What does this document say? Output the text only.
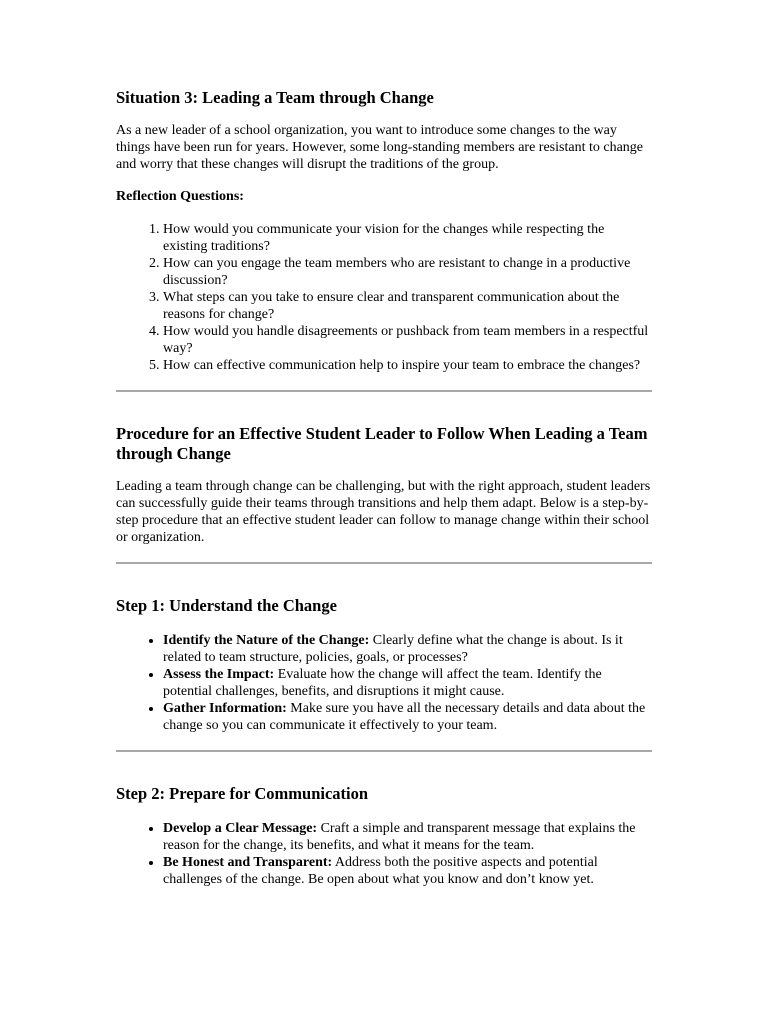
Situation 3: Leading a Team through Change

As a new leader of a school organization, you want to introduce some changes to the way things have been run for years. However, some long-standing members are resistant to change and worry that these changes will disrupt the traditions of the group.

Reflection Questions:

1. How would you communicate your vision for the changes while respecting the existing traditions?
2. How can you engage the team members who are resistant to change in a productive discussion?
3. What steps can you take to ensure clear and transparent communication about the reasons for change?
4. How would you handle disagreements or pushback from team members in a respectful way?
5. How can effective communication help to inspire your team to embrace the changes?
Procedure for an Effective Student Leader to Follow When Leading a Team through Change

Leading a team through change can be challenging, but with the right approach, student leaders can successfully guide their teams through transitions and help them adapt. Below is a step-by-step procedure that an effective student leader can follow to manage change within their school or organization.

Step 1: Understand the Change
• Identify the Nature of the Change: Clearly define what the change is about. Is it related to team structure, policies, goals, or processes?
• Assess the Impact: Evaluate how the change will affect the team. Identify the potential challenges, benefits, and disruptions it might cause.
• Gather Information: Make sure you have all the necessary details and data about the change so you can communicate it effectively to your team.
Step 2: Prepare for Communication
• Develop a Clear Message: Craft a simple and transparent message that explains the reason for the change, its benefits, and what it means for the team.
• Be Honest and Transparent: Address both the positive aspects and potential challenges of the change. Be open about what you know and don’t know yet.
